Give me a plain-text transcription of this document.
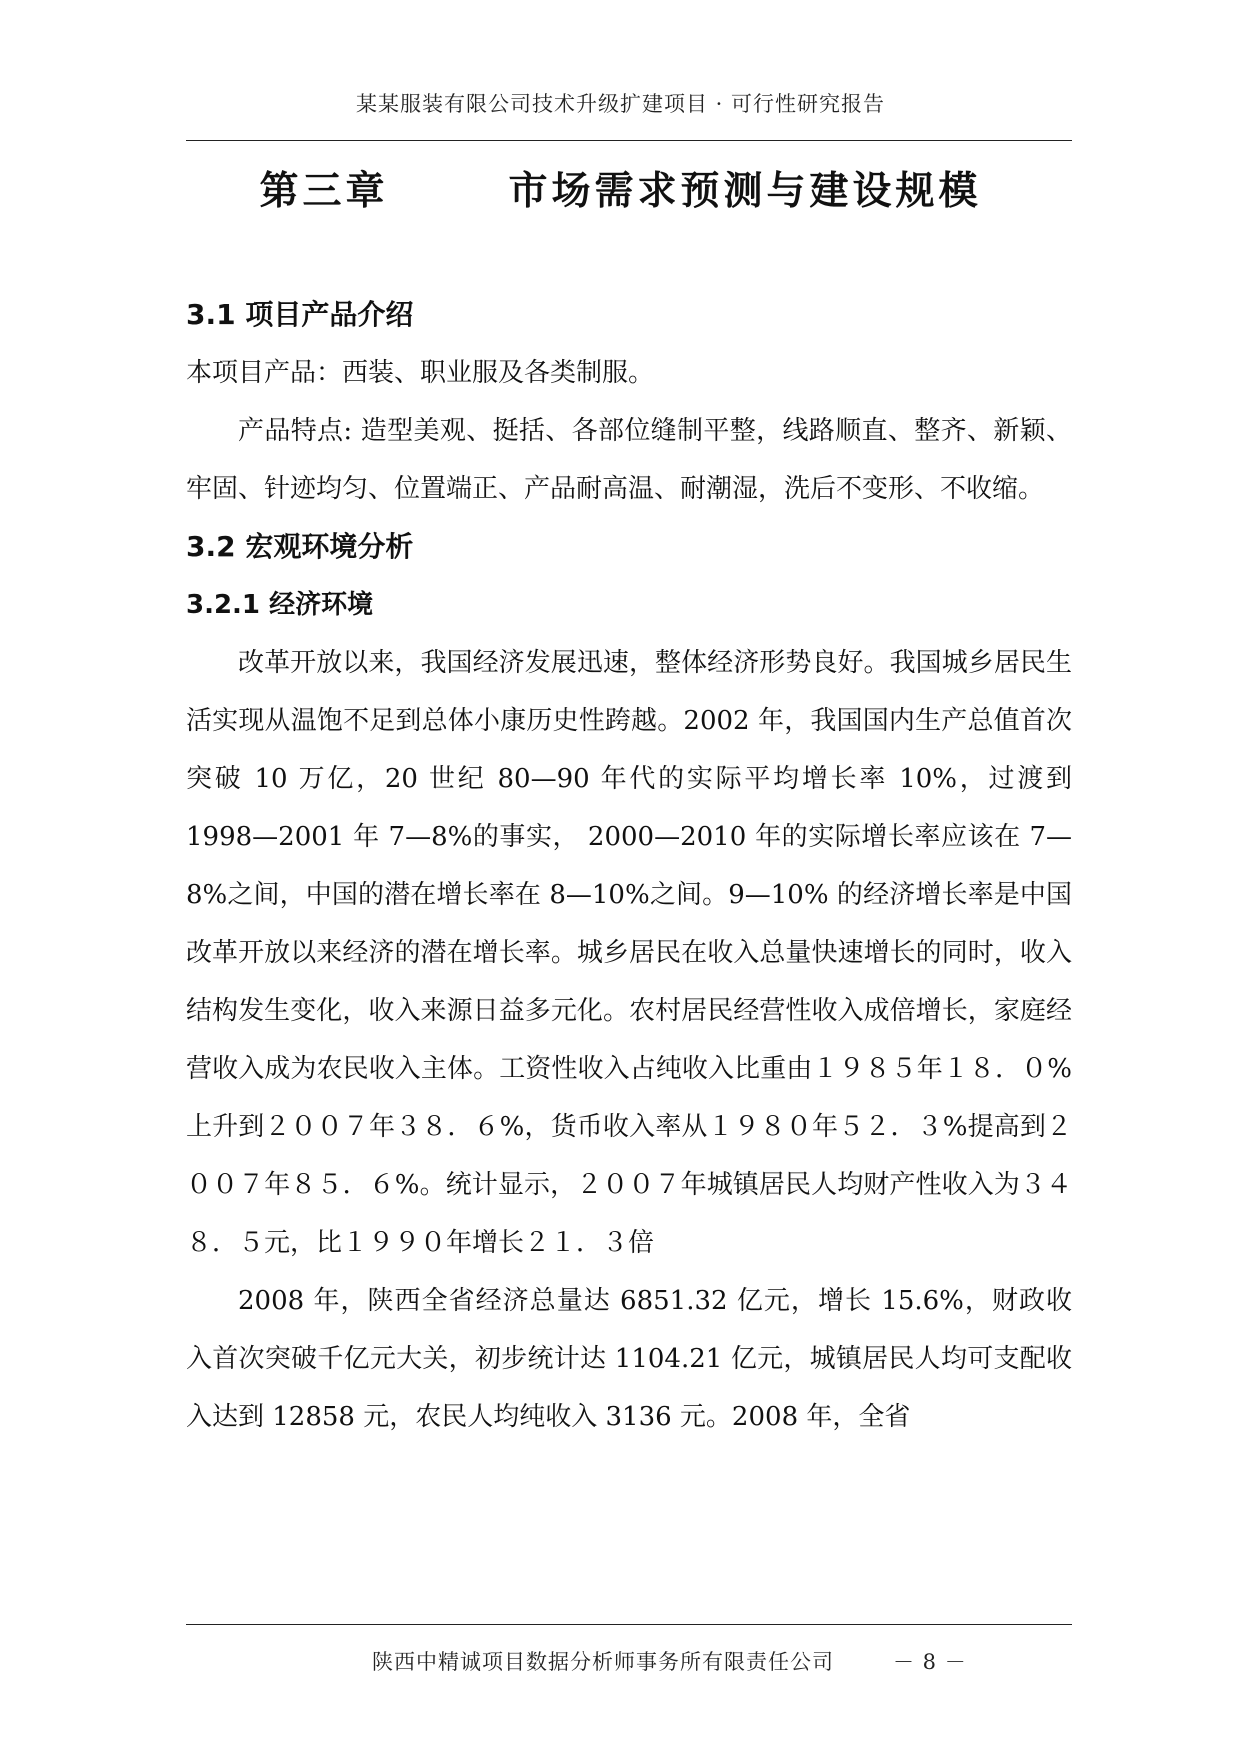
某某服装有限公司技术升级扩建项目 · 可行性研究报告
第三章	市场需求预测与建设规模

3.1 项目产品介绍

本项目产品：西装、职业服及各类制服。

产品特点: 造型美观、挺括、各部位缝制平整，线路顺直、整齐、新颖、牢固、针迹均匀、位置端正、产品耐高温、耐潮湿，洗后不变形、不收缩。

3.2 宏观环境分析

3.2.1 经济环境

改革开放以来，我国经济发展迅速，整体经济形势良好。我国城乡居民生活实现从温饱不足到总体小康历史性跨越。2002 年，我国国内生产总值首次突破 10 万亿，20 世纪 80—90 年代的实际平均增长率 10%，过渡到 1998—2001 年 7—8%的事实， 2000—2010 年的实际增长率应该在 7—8%之间，中国的潜在增长率在 8—10%之间。9—10% 的经济增长率是中国改革开放以来经济的潜在增长率。城乡居民在收入总量快速增长的同时，收入结构发生变化，收入来源日益多元化。农村居民经营性收入成倍增长，家庭经营收入成为农民收入主体。工资性收入占纯收入比重由１９８５年１８．０%上升到２００７年３８．６%，货币收入率从１９８０年５２．３%提高到２００７年８５．６%。统计显示，２００７年城镇居民人均财产性收入为３４８．５元，比１９９０年增长２１．３倍

2008 年，陕西全省经济总量达 6851.32 亿元，增长 15.6%，财政收入首次突破千亿元大关，初步统计达 1104.21 亿元，城镇居民人均可支配收入达到 12858 元，农民人均纯收入 3136 元。2008 年，全省

陕西中精诚项目数据分析师事务所有限责任公司	－ 8 －
